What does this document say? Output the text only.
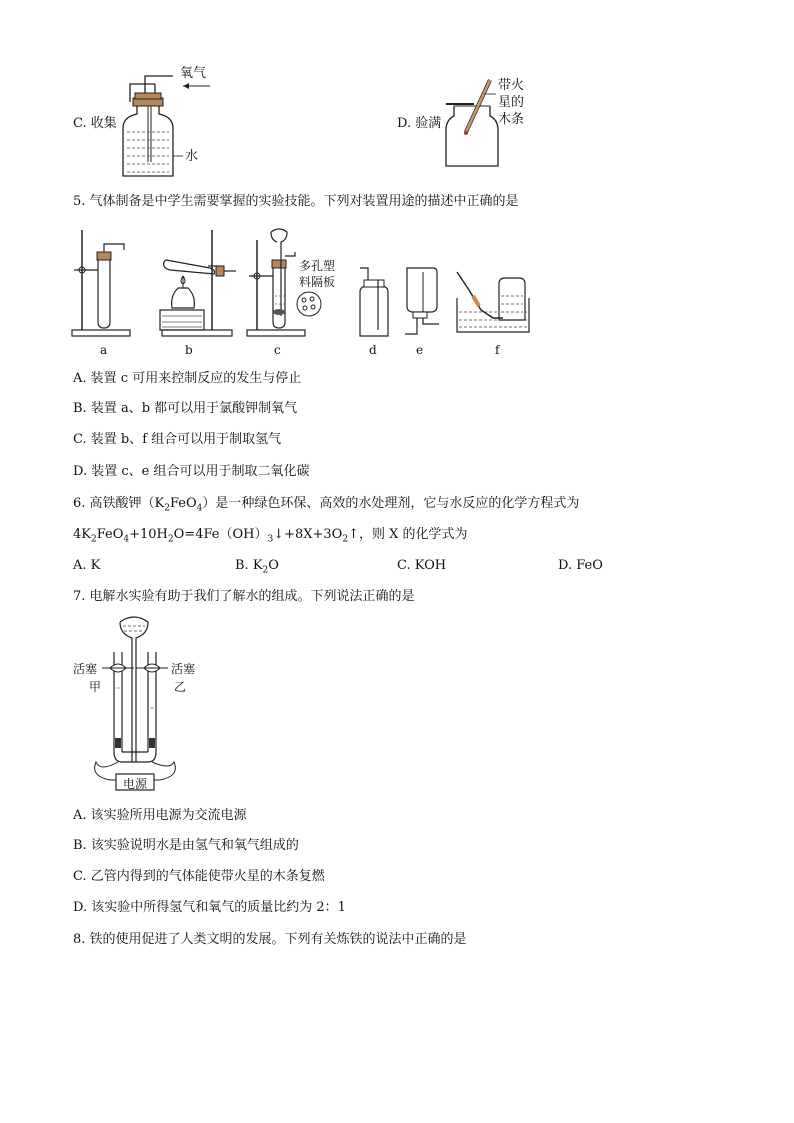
氧气
水
C. 收集
带火
星的
木条
D. 验满
5. 气体制备是中学生需要掌握的实验技能。下列对装置用途的描述中正确的是
多孔塑
料隔板
a	b	c	d	e	f
A. 装置 c 可用来控制反应的发生与停止
B. 装置 a、b 都可以用于氯酸钾制氧气
C. 装置 b、f 组合可以用于制取氢气
D. 装置 c、e 组合可以用于制取二氧化碳
6. 高铁酸钾$(K_2FeO_4)$是一种绿色环保、高效的水处理剂，它与水反应的化学方程式为
$4K_2FeO_4+10H_2O=4Fe(OH)_3↓+8X+3O_2↑$，则 X 的化学式为
A. K	B. $K_2O$	C. KOH	D. FeO
7. 电解水实验有助于我们了解水的组成。下列说法正确的是
活塞	活塞
甲	乙
电源
A. 该实验所用电源为交流电源
B. 该实验说明水是由氢气和氧气组成的
C. 乙管内得到的气体能使带火星的木条复燃
D. 该实验中所得氢气和氧气的质量比约为 2：1
8. 铁的使用促进了人类文明的发展。下列有关炼铁的说法中正确的是
